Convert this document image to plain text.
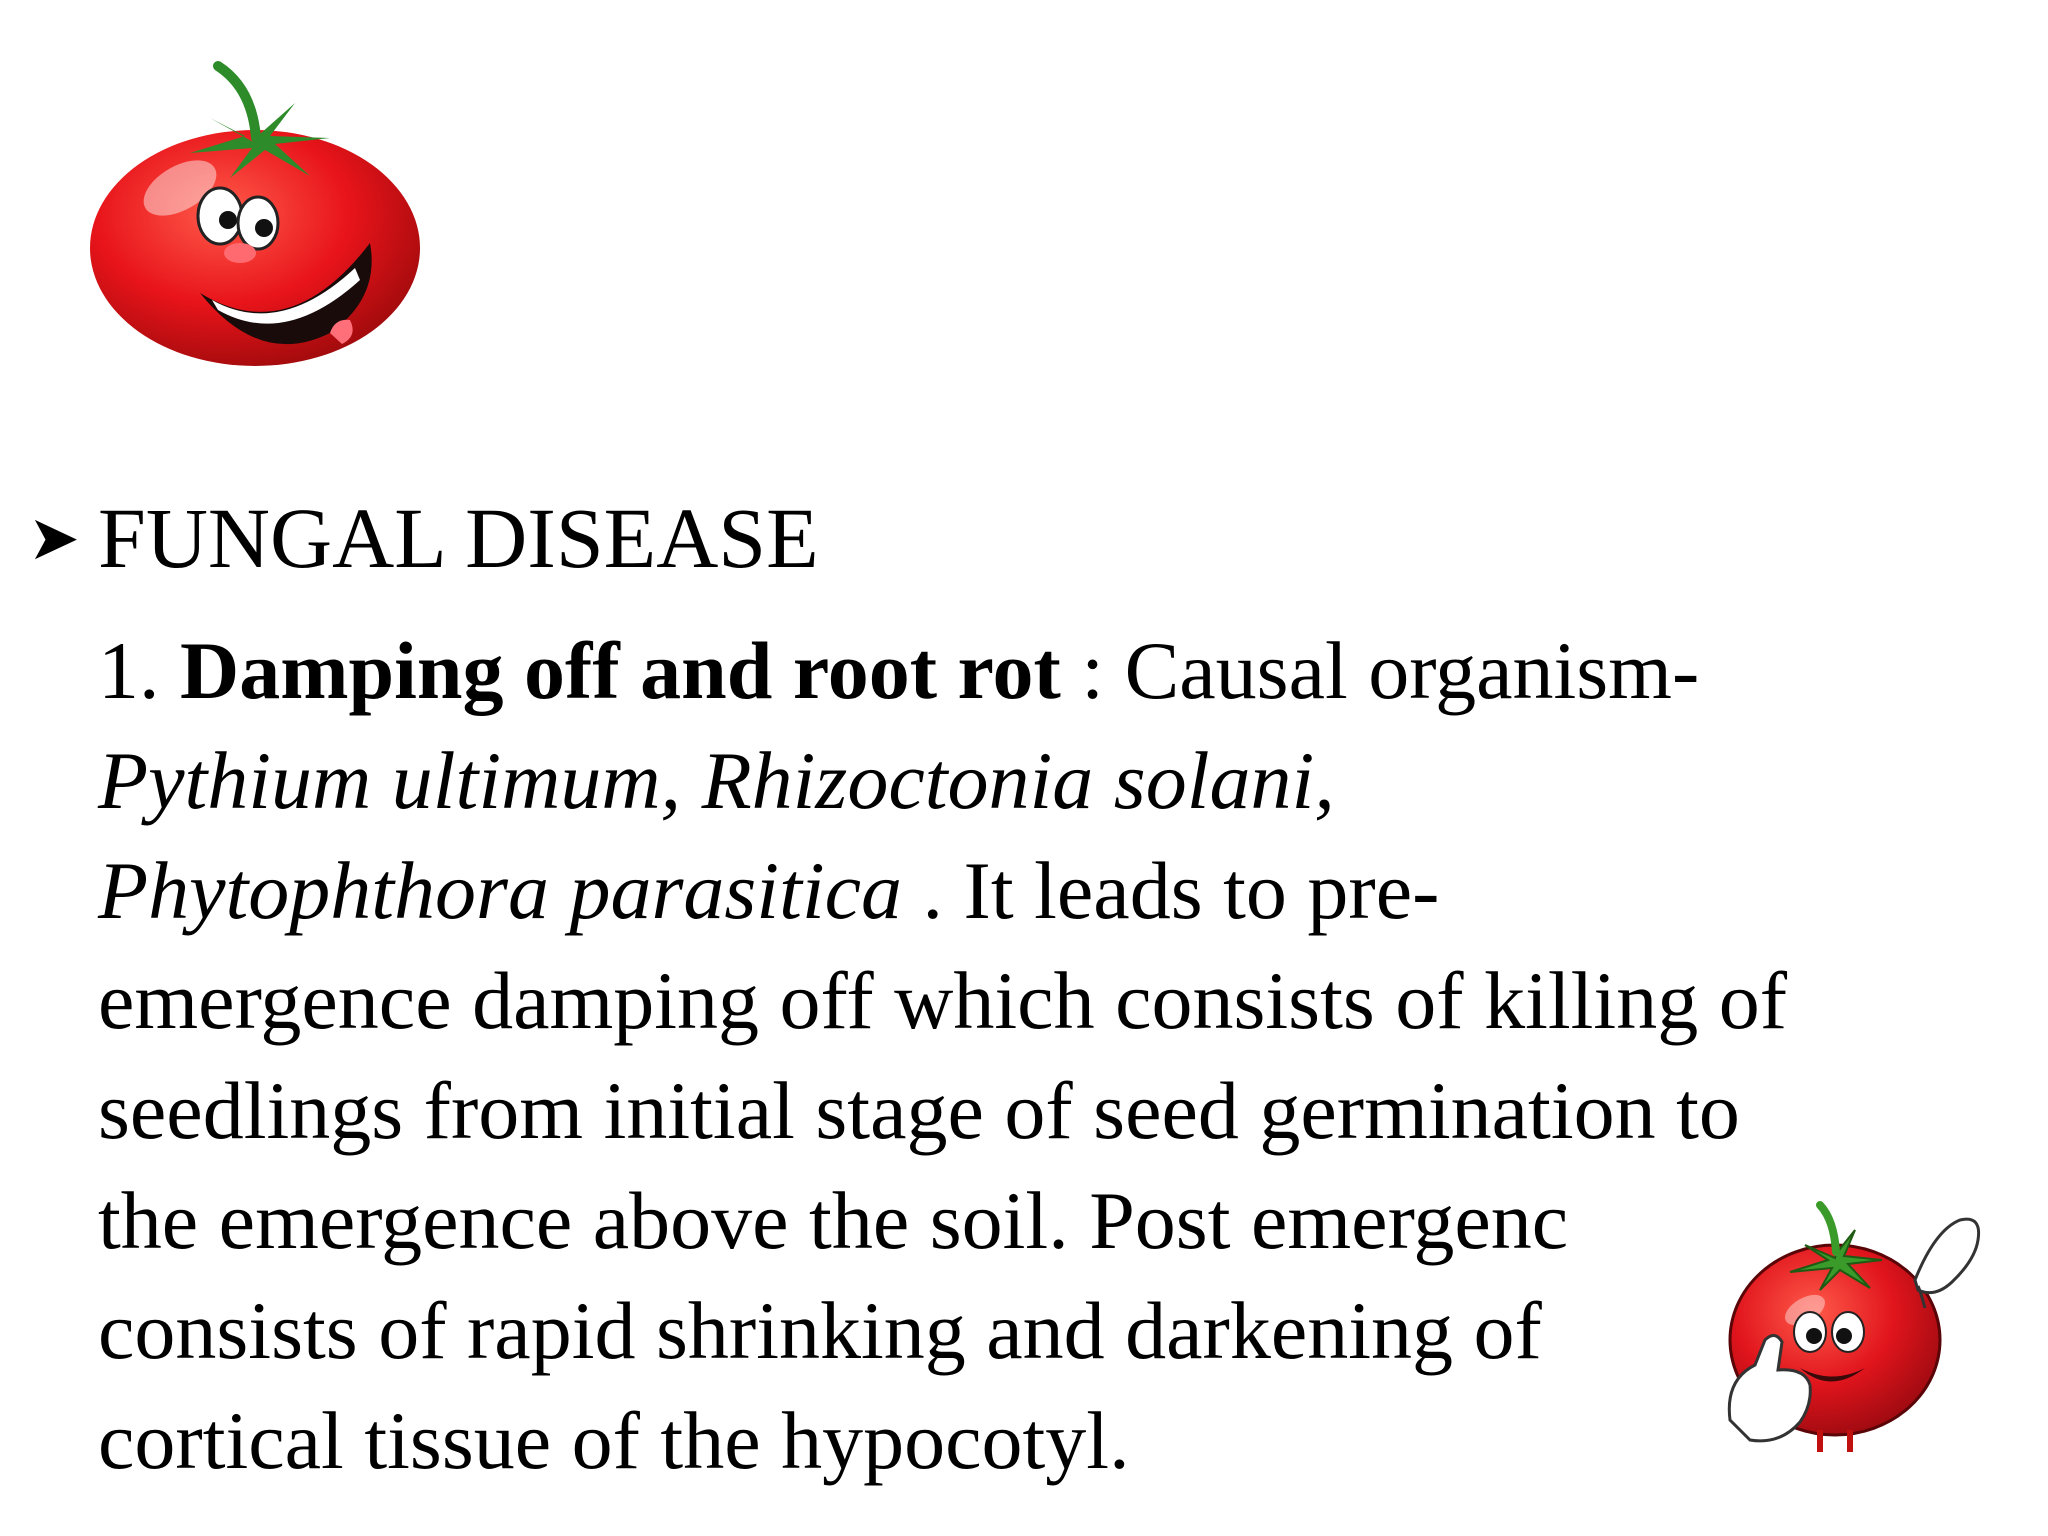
➤ FUNGAL DISEASE
1. Damping off and root rot : Causal organism-
Pythium ultimum, Rhizoctonia solani,
Phytophthora parasitica . It leads to pre-
emergence damping off which consists of killing of
seedlings from initial stage of seed germination to
the emergence above the soil. Post emergenc
consists of rapid shrinking and darkening of
cortical tissue of the hypocotyl.
